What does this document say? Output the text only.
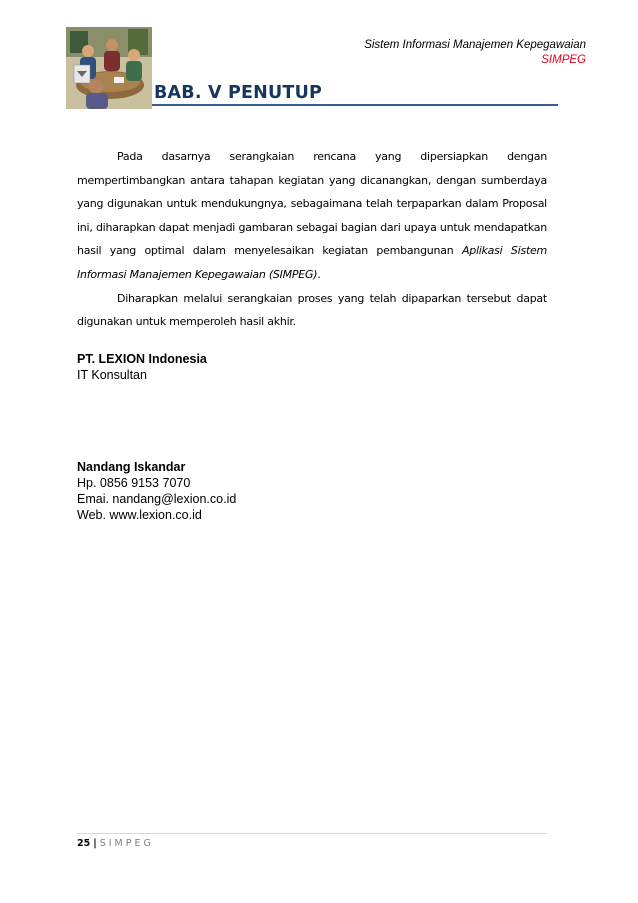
Sistem Informasi Manajemen Kepegawaian
SIMPEG
BAB. V PENUTUP

Pada dasarnya serangkaian rencana yang dipersiapkan dengan mempertimbangkan antara tahapan kegiatan yang dicanangkan, dengan sumberdaya yang digunakan untuk mendukungnya, sebagaimana telah terpaparkan dalam Proposal ini, diharapkan dapat menjadi gambaran sebagai bagian dari upaya untuk mendapatkan hasil yang optimal dalam menyelesaikan kegiatan pembangunan Aplikasi Sistem Informasi Manajemen Kepegawaian (SIMPEG).

Diharapkan melalui serangkaian proses yang telah dipaparkan tersebut dapat digunakan untuk memperoleh hasil akhir.

PT. LEXION Indonesia
IT Konsultan
Nandang Iskandar
Hp. 0856 9153 7070
Emai. nandang@lexion.co.id
Web. www.lexion.co.id
25 | SIMPEG
